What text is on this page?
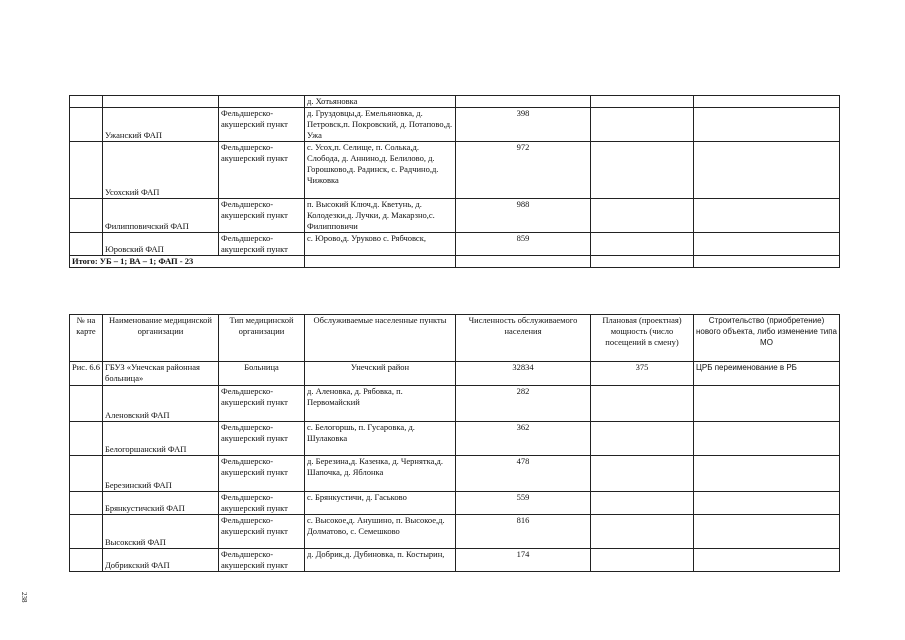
			д. Хотьяновка			
	Ужанский ФАП	Фельдшерско-акушерский пункт	д. Груздовцы,д. Емельяновка, д. Петровск,п. Покровский, д. Потапово,д. Ужа	398		
	Усохский ФАП	Фельдшерско-акушерский пункт	с. Усох,п. Селище, п. Солька,д. Слобода, д. Аннино,д. Белилово, д. Горошково,д. Радинск, с. Радчино,д. Чижовка	972		
	Филипповичский ФАП	Фельдшерско-акушерский пункт	п. Высокий Ключ,д. Кветунь, д. Колодезки,д. Лучки, д. Макарзно,с. Филипповичи	988		
	Юровский ФАП	Фельдшерско-акушерский пункт	с. Юрово,д. Уруково с. Рябчовск,	859		
Итого: УБ – 1; ВА – 1; ФАП - 23						
№ на карте	Наименование медицинской организации	Тип медицинской организации	Обслуживаемые населенные пункты	Численность обслуживаемого населения	Плановая (проектная) мощность (число посещений в смену)	Строительство (приобретение) нового объекта, либо изменение типа МО
Рис. 6.6	ГБУЗ «Унечская районная больница»	Больница	Унечский район	32834	375	ЦРБ переименование в РБ
	Аленовский ФАП	Фельдшерско-акушерский пункт	д. Аленовка, д. Рябовка, п. Первомайский	282		
	Белогоршанский ФАП	Фельдшерско-акушерский пункт	с. Белогоршь, п. Гусаровка, д. Шулаковка	362		
	Березинский ФАП	Фельдшерско-акушерский пункт	д. Березина,д. Казенка, д. Чернятка,д. Шапочка, д. Яблонка	478		
	Брянкустичский ФАП	Фельдшерско-акушерский пункт	с. Брянкустичи, д. Гаськово	559		
	Высокский ФАП	Фельдшерско-акушерский пункт	с. Высокое,д. Анушино, п. Высокое,д. Долматово, с. Семешково	816		
	Добрикский ФАП	Фельдшерско-акушерский пункт	д. Добрик,д. Дубиновка, п. Костырин,	174		
238
